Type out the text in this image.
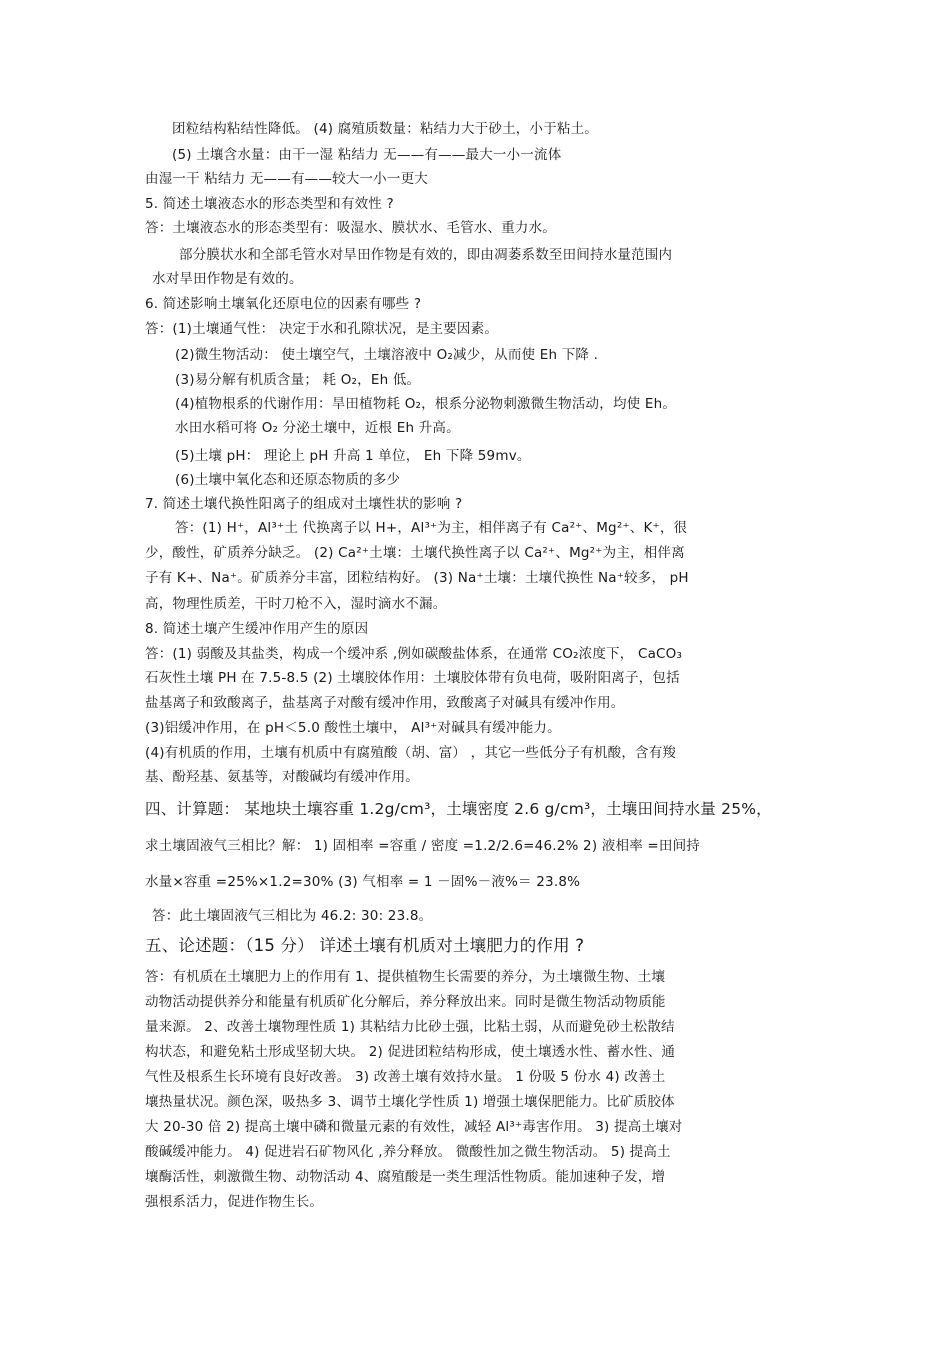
团粒结构粘结性降低。 (4) 腐殖质数量：粘结力大于砂土，小于粘土。
(5) 土壤含水量：由干一湿 粘结力 无——有——最大一小一流体
由湿一干 粘结力 无——有——较大一小一更大
5. 简述土壤液态水的形态类型和有效性 ?
答：土壤液态水的形态类型有：吸湿水、膜状水、毛管水、重力水。
部分膜状水和全部毛管水对旱田作物是有效的，即由凋萎系数至田间持水量范围内
水对旱田作物是有效的。
6. 简述影响土壤氧化还原电位的因素有哪些 ?
答：(1)土壤通气性： 决定于水和孔隙状况，是主要因素。
(2)微生物活动： 使土壤空气，土壤溶液中 O₂减少，从而使 Eh 下降 .
(3)易分解有机质含量； 耗 O₂，Eh 低。
(4)植物根系的代谢作用：旱田植物耗 O₂，根系分泌物刺激微生物活动，均使 Eh。
水田水稻可将 O₂ 分泌土壤中，近根 Eh 升高。
(5)土壤 pH： 理论上 pH 升高 1 单位， Eh 下降 59mv。
(6)土壤中氧化态和还原态物质的多少
7. 简述土壤代换性阳离子的组成对土壤性状的影响 ?
答：(1) H⁺，Al³⁺土 代换离子以 H+，Al³⁺为主，相伴离子有 Ca²⁺、Mg²⁺、K⁺，很
少，酸性，矿质养分缺乏。 (2) Ca²⁺土壤：土壤代换性离子以 Ca²⁺、Mg²⁺为主，相伴离
子有 K+、Na⁺。矿质养分丰富，团粒结构好。 (3) Na⁺土壤：土壤代换性 Na⁺较多， pH
高，物理性质差，干时刀枪不入，湿时滴水不漏。
8. 简述土壤产生缓冲作用产生的原因
答：(1) 弱酸及其盐类，构成一个缓冲系 ,例如碳酸盐体系，在通常 CO₂浓度下， CaCO₃
石灰性土壤 PH 在 7.5-8.5 (2) 土壤胶体作用：土壤胶体带有负电荷，吸附阳离子，包括
盐基离子和致酸离子，盐基离子对酸有缓冲作用，致酸离子对碱具有缓冲作用。
(3)铝缓冲作用，在 pH＜5.0 酸性土壤中， Al³⁺对碱具有缓冲能力。
(4)有机质的作用，土壤有机质中有腐殖酸（胡、富） ，其它一些低分子有机酸，含有羧
基、酚羟基、氨基等，对酸碱均有缓冲作用。
四、计算题： 某地块土壤容重 1.2g/cm³，土壤密度 2.6 g/cm³，土壤田间持水量 25%，
求土壤固液气三相比？解： 1) 固相率 =容重 / 密度 =1.2/2.6=46.2% 2) 液相率 =田间持
水量×容重 =25%×1.2=30% (3) 气相率 = 1 －固%－液%＝ 23.8%
答：此土壤固液气三相比为 46.2: 30: 23.8。
五、论述题：（15 分） 详述土壤有机质对土壤肥力的作用 ?
答：有机质在土壤肥力上的作用有 1、提供植物生长需要的养分，为土壤微生物、土壤
动物活动提供养分和能量有机质矿化分解后，养分释放出来。同时是微生物活动物质能
量来源。 2、改善土壤物理性质 1) 其粘结力比砂土强，比粘土弱，从而避免砂土松散结
构状态，和避免粘土形成坚韧大块。 2) 促进团粒结构形成，使土壤透水性、蓄水性、通
气性及根系生长环境有良好改善。 3) 改善土壤有效持水量。 1 份吸 5 份水 4) 改善土
壤热量状况。颜色深，吸热多 3、调节土壤化学性质 1) 增强土壤保肥能力。比矿质胶体
大 20-30 倍 2) 提高土壤中磷和微量元素的有效性，减轻 Al³⁺毒害作用。 3) 提高土壤对
酸碱缓冲能力。 4) 促进岩石矿物风化 ,养分释放。 微酸性加之微生物活动。 5) 提高土
壤酶活性，刺激微生物、动物活动 4、腐殖酸是一类生理活性物质。能加速种子发，增
强根系活力，促进作物生长。
